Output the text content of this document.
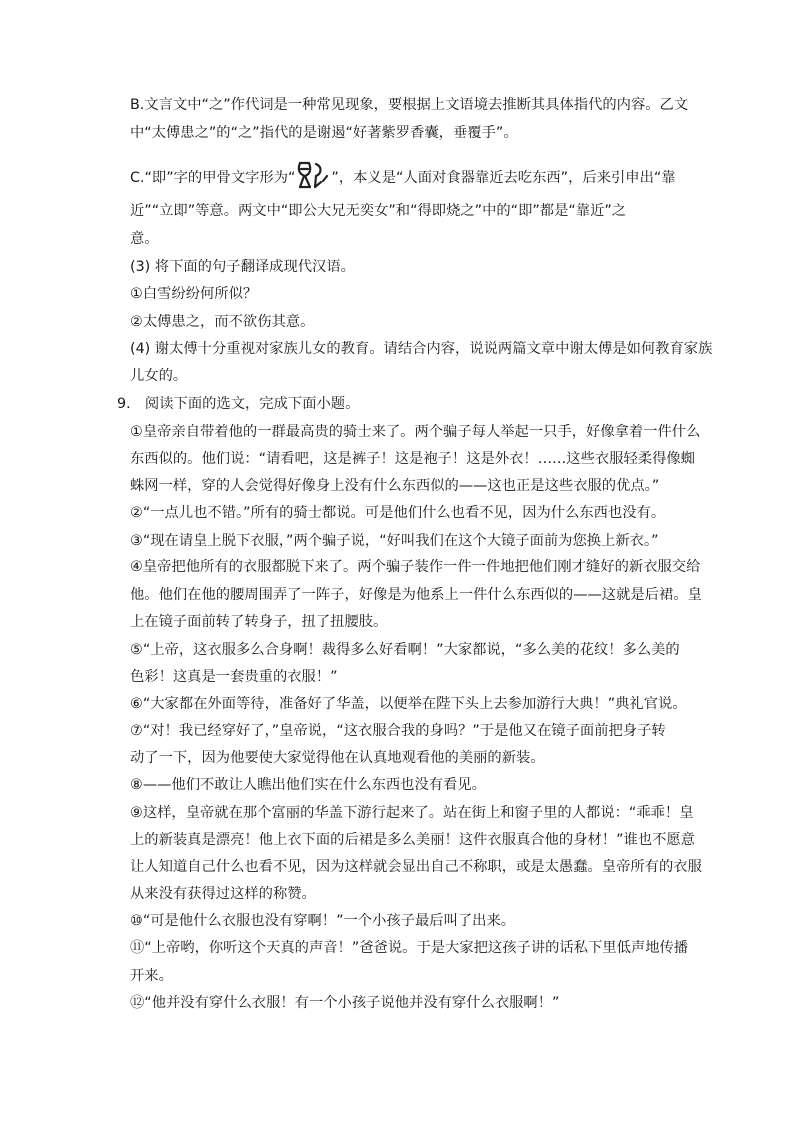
B.文言文中“之”作代词是一种常见现象，要根据上文语境去推断其具体指代的内容。乙文
中“太傅患之”的“之”指代的是谢遏“好著紫罗香囊，垂覆手”。
C.“即”字的甲骨文字形为“	”，本义是“人面对食器靠近去吃东西”，后来引申出“靠
近”“立即”等意。两文中“即公大兄无奕女”和“得即烧之”中的“即”都是“靠近”之
意。
(3) 将下面的句子翻译成现代汉语。
①白雪纷纷何所似？
②太傅患之，而不欲伤其意。
(4) 谢太傅十分重视对家族儿女的教育。请结合内容，说说两篇文章中谢太傅是如何教育家族
儿女的。
9.　阅读下面的选文，完成下面小题。
①皇帝亲自带着他的一群最高贵的骑士来了。两个骗子每人举起一只手，好像拿着一件什么
东西似的。他们说：“请看吧，这是裤子！这是袍子！这是外衣！……这些衣服轻柔得像蜘
蛛网一样，穿的人会觉得好像身上没有什么东西似的——这也正是这些衣服的优点。”
②“一点儿也不错。”所有的骑士都说。可是他们什么也看不见，因为什么东西也没有。
③“现在请皇上脱下衣服，”两个骗子说，“好叫我们在这个大镜子面前为您换上新衣。”
④皇帝把他所有的衣服都脱下来了。两个骗子装作一件一件地把他们刚才缝好的新衣服交给
他。他们在他的腰周围弄了一阵子，好像是为他系上一件什么东西似的——这就是后裙。皇
上在镜子面前转了转身子，扭了扭腰肢。
⑤“上帝，这衣服多么合身啊！裁得多么好看啊！”大家都说，“多么美的花纹！多么美的
色彩！这真是一套贵重的衣服！”
⑥“大家都在外面等待，准备好了华盖，以便举在陛下头上去参加游行大典！”典礼官说。
⑦“对！我已经穿好了，”皇帝说，“这衣服合我的身吗？”于是他又在镜子面前把身子转
动了一下，因为他要使大家觉得他在认真地观看他的美丽的新装。
⑧——他们不敢让人瞧出他们实在什么东西也没有看见。
⑨这样，皇帝就在那个富丽的华盖下游行起来了。站在街上和窗子里的人都说：“乖乖！皇
上的新装真是漂亮！他上衣下面的后裙是多么美丽！这件衣服真合他的身材！”谁也不愿意
让人知道自己什么也看不见，因为这样就会显出自己不称职，或是太愚蠢。皇帝所有的衣服
从来没有获得过这样的称赞。
⑩“可是他什么衣服也没有穿啊！”一个小孩子最后叫了出来。
⑪“上帝哟，你听这个天真的声音！”爸爸说。于是大家把这孩子讲的话私下里低声地传播
开来。
⑫“他并没有穿什么衣服！有一个小孩子说他并没有穿什么衣服啊！”
